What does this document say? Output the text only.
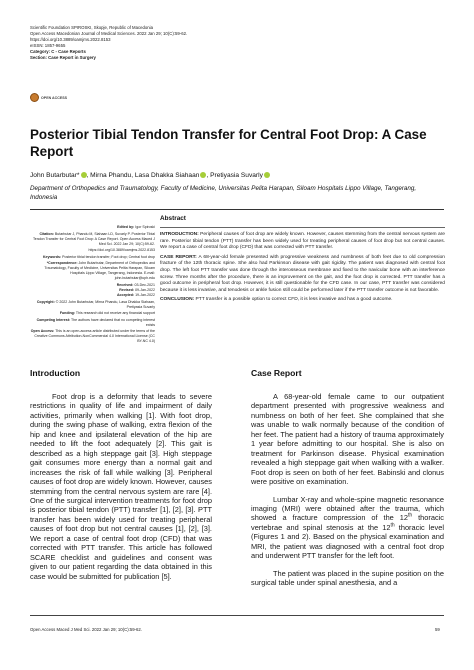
Scientific Foundation SPIROSKI, Skopje, Republic of Macedonia
Open Access Macedonian Journal of Medical Sciences. 2022 Jan 29; 10(C):59-62.
https://doi.org/10.3889/oamjms.2022.8153
eISSN: 1857-9655
Category: C - Case Reports
Section: Case Report in Surgery
OPEN ACCESS
Posterior Tibial Tendon Transfer for Central Foot Drop: A Case Report
John Butarbutar* , Mirna Phandu, Lasa Dhakka Siahaan , Pretiyasia Suvarly
Department of Orthopedics and Traumatology, Faculty of Medicine, Universitas Pelita Harapan, Siloam Hospitals Lippo Village, Tangerang, Indonesia

Edited by: Igor Spiroski

Citation: Butarbutar J, Phandu M, Siahaan LD, Suvarly P. Posterior Tibial Tendon Transfer for Central Foot Drop: A Case Report. Open Access Maced J Med Sci. 2022 Jan 29; 10(C):59-62.

https://doi.org/10.3889/oamjms.2022.8153

Keywords: Posterior tibial tendon transfer; Foot drop; Central foot drop

*Correspondence: John Butarbutar, Department of Orthopedics and Traumatology, Faculty of Medicine, Universitas Pelita Harapan, Siloam Hospitals Lippo Village, Tangerang, Indonesia. E-mail: john.butarbutar@uph.edu

Received: 03-Dec-2021
Revised: 09-Jan-2022
Accepted: 19-Jan-2022

Copyright: © 2022 John Butarbutar, Mirna Phandu, Lasa Dhakka Siahaan, Pretiyasia Suvarly

Funding: This research did not receive any financial support

Competing Interest: The authors have declared that no competing interest exists

Open Access: This is an open-access article distributed under the terms of the Creative Commons Attribution-NonCommercial 4.0 International License (CC BY-NC 4.0)

Abstract

INTRODUCTION: Peripheral causes of foot drop are widely known. However, causes stemming from the central nervous system are rare. Posterior tibial tendon (PTT) transfer has been widely used for treating peripheral causes of foot drop but not central causes. We report a case of central foot drop (CFD) that was corrected with PTT transfer.

CASE REPORT: A 68-year-old female presented with progressive weakness and numbness of both feet due to old compression fracture of the 12th thoracic spine. She also had Parkinson disease with gait rigidity. The patient was diagnosed with central foot drop. The left foot PTT transfer was done through the interosseous membrane and fixed to the navicular bone with an interference screw. Three months after the procedure, there is an improvement on the gait, and the foot drop is corrected. PTT transfer has a good outcome in peripheral foot drop. However, it is still questionable for the CFD case. In our case, PTT transfer was considered because it is less invasive, and tenodesis or ankle fusion still could be performed later if the PTT transfer outcome is not favorable.

CONCLUSION: PTT transfer is a possible option to correct CFD, it is less invasive and has a good outcome.

Introduction

Foot drop is a deformity that leads to severe restrictions in quality of life and impairment of daily activities, primarily when walking [1]. With foot drop, during the swing phase of walking, extra flexion of the hip and knee and ipsilateral elevation of the hip are needed to lift the foot adequately [2]. This gait is described as a high steppage gait [3]. High steppage gait consumes more energy than a normal gait and increases the risk of fall while walking [3]. Peripheral causes of foot drop are widely known. However, causes stemming from the central nervous system are rare [4]. One of the surgical intervention treatments for foot drop is posterior tibial tendon (PTT) transfer [1], [2], [3]. PTT transfer has been widely used for treating peripheral causes of foot drop but not central causes [1], [2], [3]. We report a case of central foot drop (CFD) that was corrected with PTT transfer. This article has followed SCARE checklist and guidelines and consent was given to our patient regarding the data obtained in this case would be submitted for publication [5].

Case Report

A 68-year-old female came to our outpatient department presented with progressive weakness and numbness on both of her feet. She complained that she was unable to walk normally because of the condition of her feet. The patient had a history of trauma approximately 1 year before admitting to our hospital. She is also on treatment for Parkinson disease. Physical examination revealed a high steppage gait when walking with a walker. Foot drop is seen on both of her feet. Babinski and clonus were positive on examination.

Lumbar X-ray and whole-spine magnetic resonance imaging (MRI) were obtained after the trauma, which showed a fracture compression of the 12th thoracic vertebrae and spinal stenosis at the 12th thoracic level (Figures 1 and 2). Based on the physical examination and MRI, the patient was diagnosed with a central foot drop and underwent PTT transfer for the left foot.

The patient was placed in the supine position on the surgical table under spinal anesthesia, and a

Open Access Maced J Med Sci. 2022 Jan 29; 10(C):59-62.	59
